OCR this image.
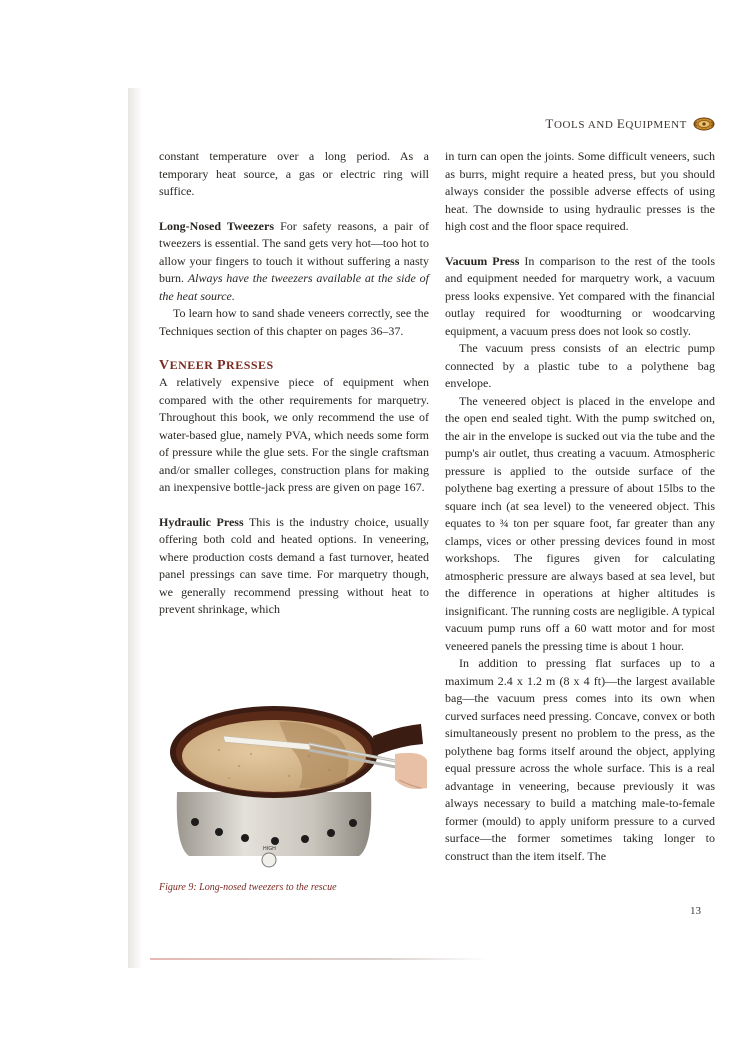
TOOLS AND EQUIPMENT

constant temperature over a long period. As a temporary heat source, a gas or electric ring will suffice.

Long-Nosed Tweezers For safety reasons, a pair of tweezers is essential. The sand gets very hot—too hot to allow your fingers to touch it without suffering a nasty burn. Always have the tweezers available at the side of the heat source.

To learn how to sand shade veneers correctly, see the Techniques section of this chapter on pages 36–37.

VENEER PRESSES

A relatively expensive piece of equipment when compared with the other requirements for marquetry. Throughout this book, we only recommend the use of water-based glue, namely PVA, which needs some form of pressure while the glue sets. For the single craftsman and/or smaller colleges, construction plans for making an inexpensive bottle-jack press are given on page 167.

Hydraulic Press This is the industry choice, usually offering both cold and heated options. In veneering, where production costs demand a fast turnover, heated panel pressings can save time. For marquetry though, we generally recommend pressing without heat to prevent shrinkage, which

HIGH
Figure 9: Long-nosed tweezers to the rescue

in turn can open the joints. Some difficult veneers, such as burrs, might require a heated press, but you should always consider the possible adverse effects of using heat. The downside to using hydraulic presses is the high cost and the floor space required.

Vacuum Press In comparison to the rest of the tools and equipment needed for marquetry work, a vacuum press looks expensive. Yet compared with the financial outlay required for woodturning or woodcarving equipment, a vacuum press does not look so costly.

The vacuum press consists of an electric pump connected by a plastic tube to a polythene bag envelope.

The veneered object is placed in the envelope and the open end sealed tight. With the pump switched on, the air in the envelope is sucked out via the tube and the pump's air outlet, thus creating a vacuum. Atmospheric pressure is applied to the outside surface of the polythene bag exerting a pressure of about 15lbs to the square inch (at sea level) to the veneered object. This equates to ¾ ton per square foot, far greater than any clamps, vices or other pressing devices found in most workshops. The figures given for calculating atmospheric pressure are always based at sea level, but the difference in operations at higher altitudes is insignificant. The running costs are negligible. A typical vacuum pump runs off a 60 watt motor and for most veneered panels the pressing time is about 1 hour.

In addition to pressing flat surfaces up to a maximum 2.4 x 1.2 m (8 x 4 ft)—the largest available bag—the vacuum press comes into its own when curved surfaces need pressing. Concave, convex or both simultaneously present no problem to the press, as the polythene bag forms itself around the object, applying equal pressure across the whole surface. This is a real advantage in veneering, because previously it was always necessary to build a matching male-to-female former (mould) to apply uniform pressure to a curved surface—the former sometimes taking longer to construct than the item itself. The

13
